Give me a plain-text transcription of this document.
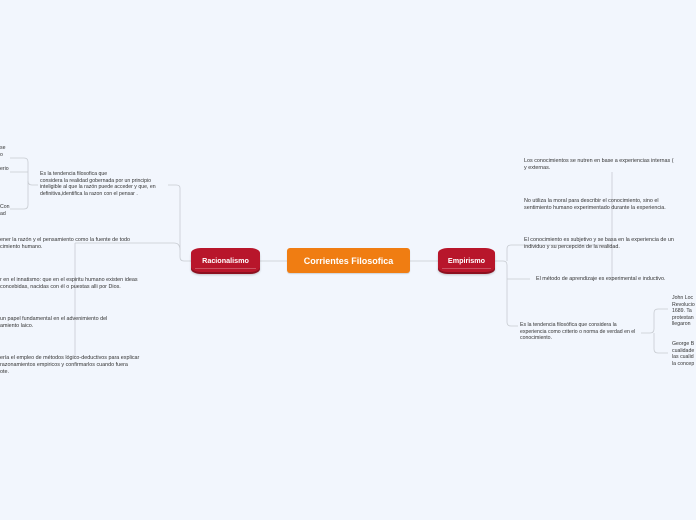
Corrientes Filosofica
Racionalismo	Empirismo
Es la tendencia filosofica que
considera la realidad gobernada por un principio
inteligible al que la razón puede acceder y que, en
definitiva,identifica la razon con el pensar .
se
o
erio
Con
ad
ener la razón y el pensamiento como la fuente de todo
cimiento humano.
r en el innatismo: que en el espiritu humano existen ideas
concebidas, nacidas con él o puestas alli por Dios.
un papel fundamental en el advenimiento del
amiento laico.
ería el empleo de métodos lógico-deductivos para explicar
razonamientos empiricos y confirmarlos cuando fuera
ote.
Los conocimientos se nutren en base a experiencias internas (
y externas.
No utiliza la moral para describir el conocimiento, sino el
sentimiento humano experimentado durante la experiencia.
El conocimiento es subjetivo y se basa en la experiencia de un
individuo y su percepción de la realidad.
El método de aprendizaje es experimental e inductivo.
Es la tendencia filosófica que considera la
experiencia como criterio o norma de verdad en el
conocimiento.
John Loc
Revolucio
1689. Ta
protestan
llegaron
George B
cualidade
las cualid
la concep
